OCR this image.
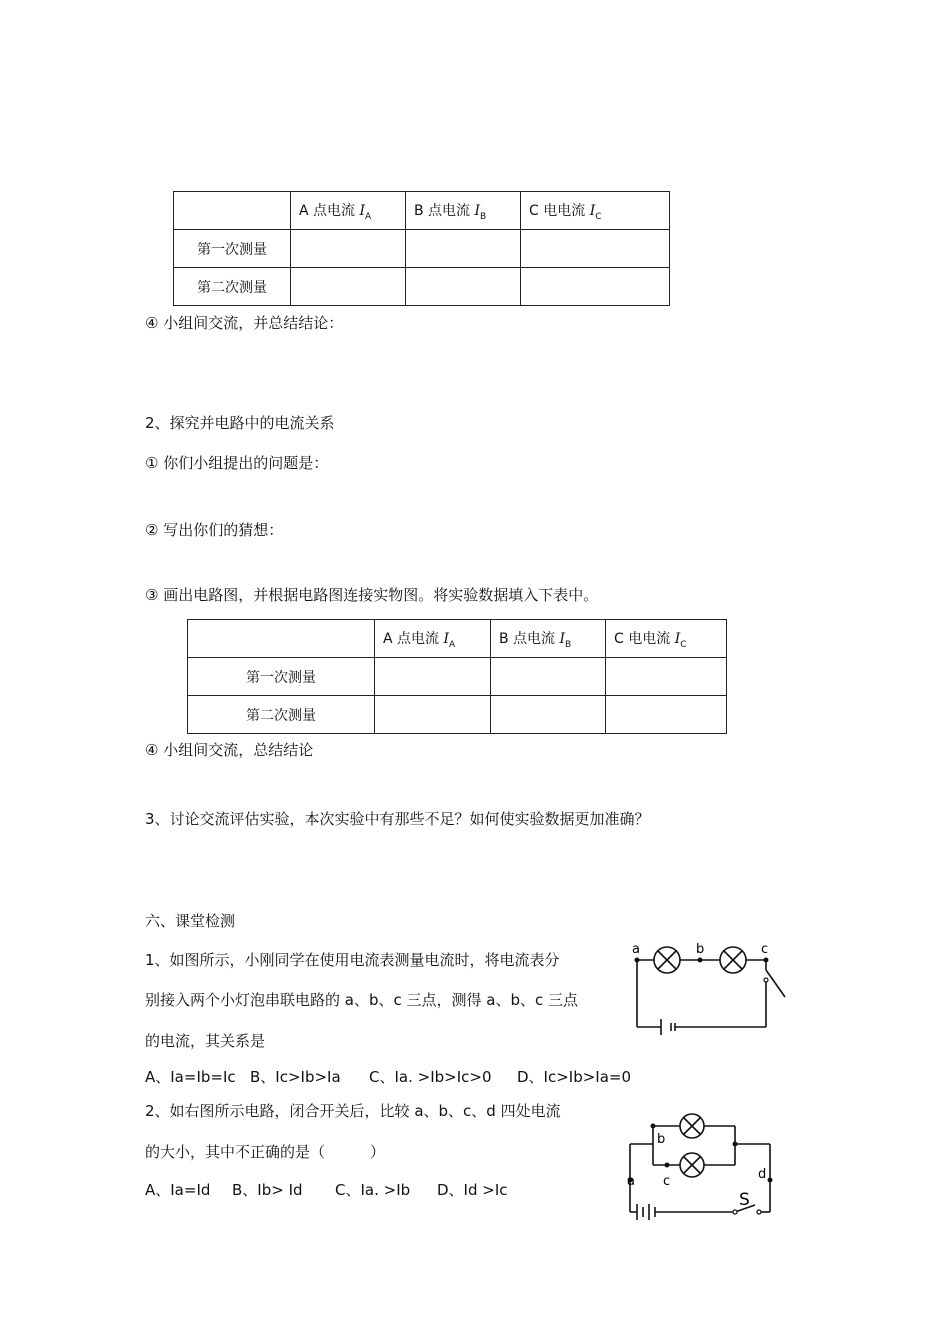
	A 点电流 $I_A$	B 点电流 $I_B$	C 电电流 $I_C$
第一次测量			
第二次测量			
④ 小组间交流，并总结结论：
2、探究并电路中的电流关系
① 你们小组提出的问题是：
② 写出你们的猜想：
③ 画出电路图，并根据电路图连接实物图。将实验数据填入下表中。
	A 点电流 $I_A$	B 点电流 $I_B$	C 电电流 $I_C$
第一次测量			
第二次测量			
④ 小组间交流，总结结论
3、讨论交流评估实验，本次实验中有那些不足？如何使实验数据更加准确？
六、课堂检测
1、如图所示，小刚同学在使用电流表测量电流时，将电流表分
别接入两个小灯泡串联电路的 a、b、c 三点，测得 a、b、c 三点
的电流，其关系是
A、Ia=Ib=Ic B、Ic>Ib>Ia C、Ia. >Ib>Ic>0 D、Ic>Ib>Ia=0
2、如右图所示电路，闭合开关后，比较 a、b、c、d 四处电流
的大小，其中不正确的是（　　　）
A、Ia=Id B、Ib> Id C、Ia. >Ib D、Id >Ic
a	b	c
b
a c	d
S
